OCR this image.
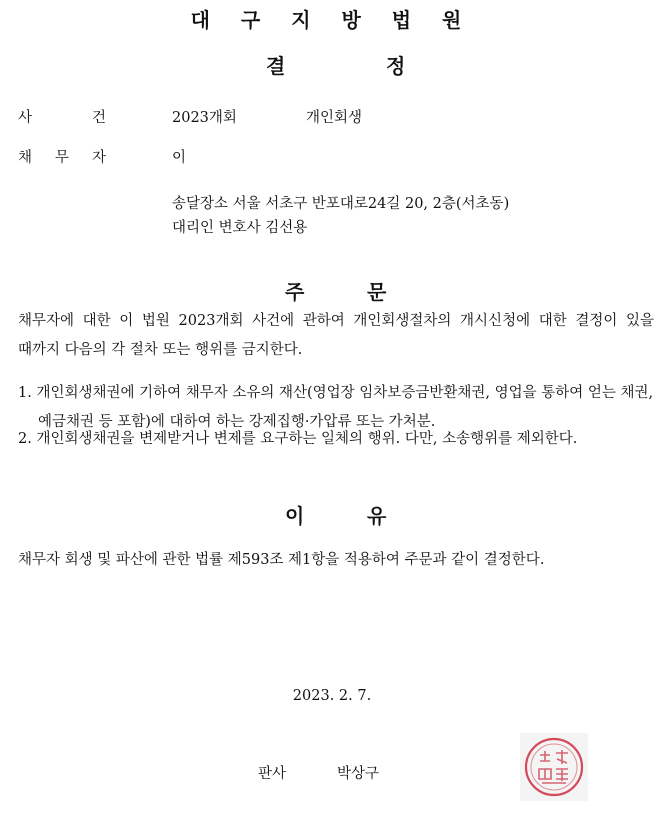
대 구 지 방 법 원
결	정
사	건	2023개회	개인회생
채 무 자	이
송달장소 서울 서초구 반포대로24길 20, 2층(서초동)
대리인 변호사 김선용
주	문
채무자에 대한 이 법원 2023개회 사건에 관하여 개인회생절차의 개시신청에 대한 결정이 있을 때까지 다음의 각 절차 또는 행위를 금지한다.
1. 개인회생채권에 기하여 채무자 소유의 재산(영업장 임차보증금반환채권, 영업을 통하여 얻는 채권, 예금채권 등 포함)에 대하여 하는 강제집행·가압류 또는 가처분.
2. 개인회생채권을 변제받거나 변제를 요구하는 일체의 행위. 다만, 소송행위를 제외한다.
이	유
채무자 회생 및 파산에 관한 법률 제593조 제1항을 적용하여 주문과 같이 결정한다.
2023. 2. 7.
판사	박상구
